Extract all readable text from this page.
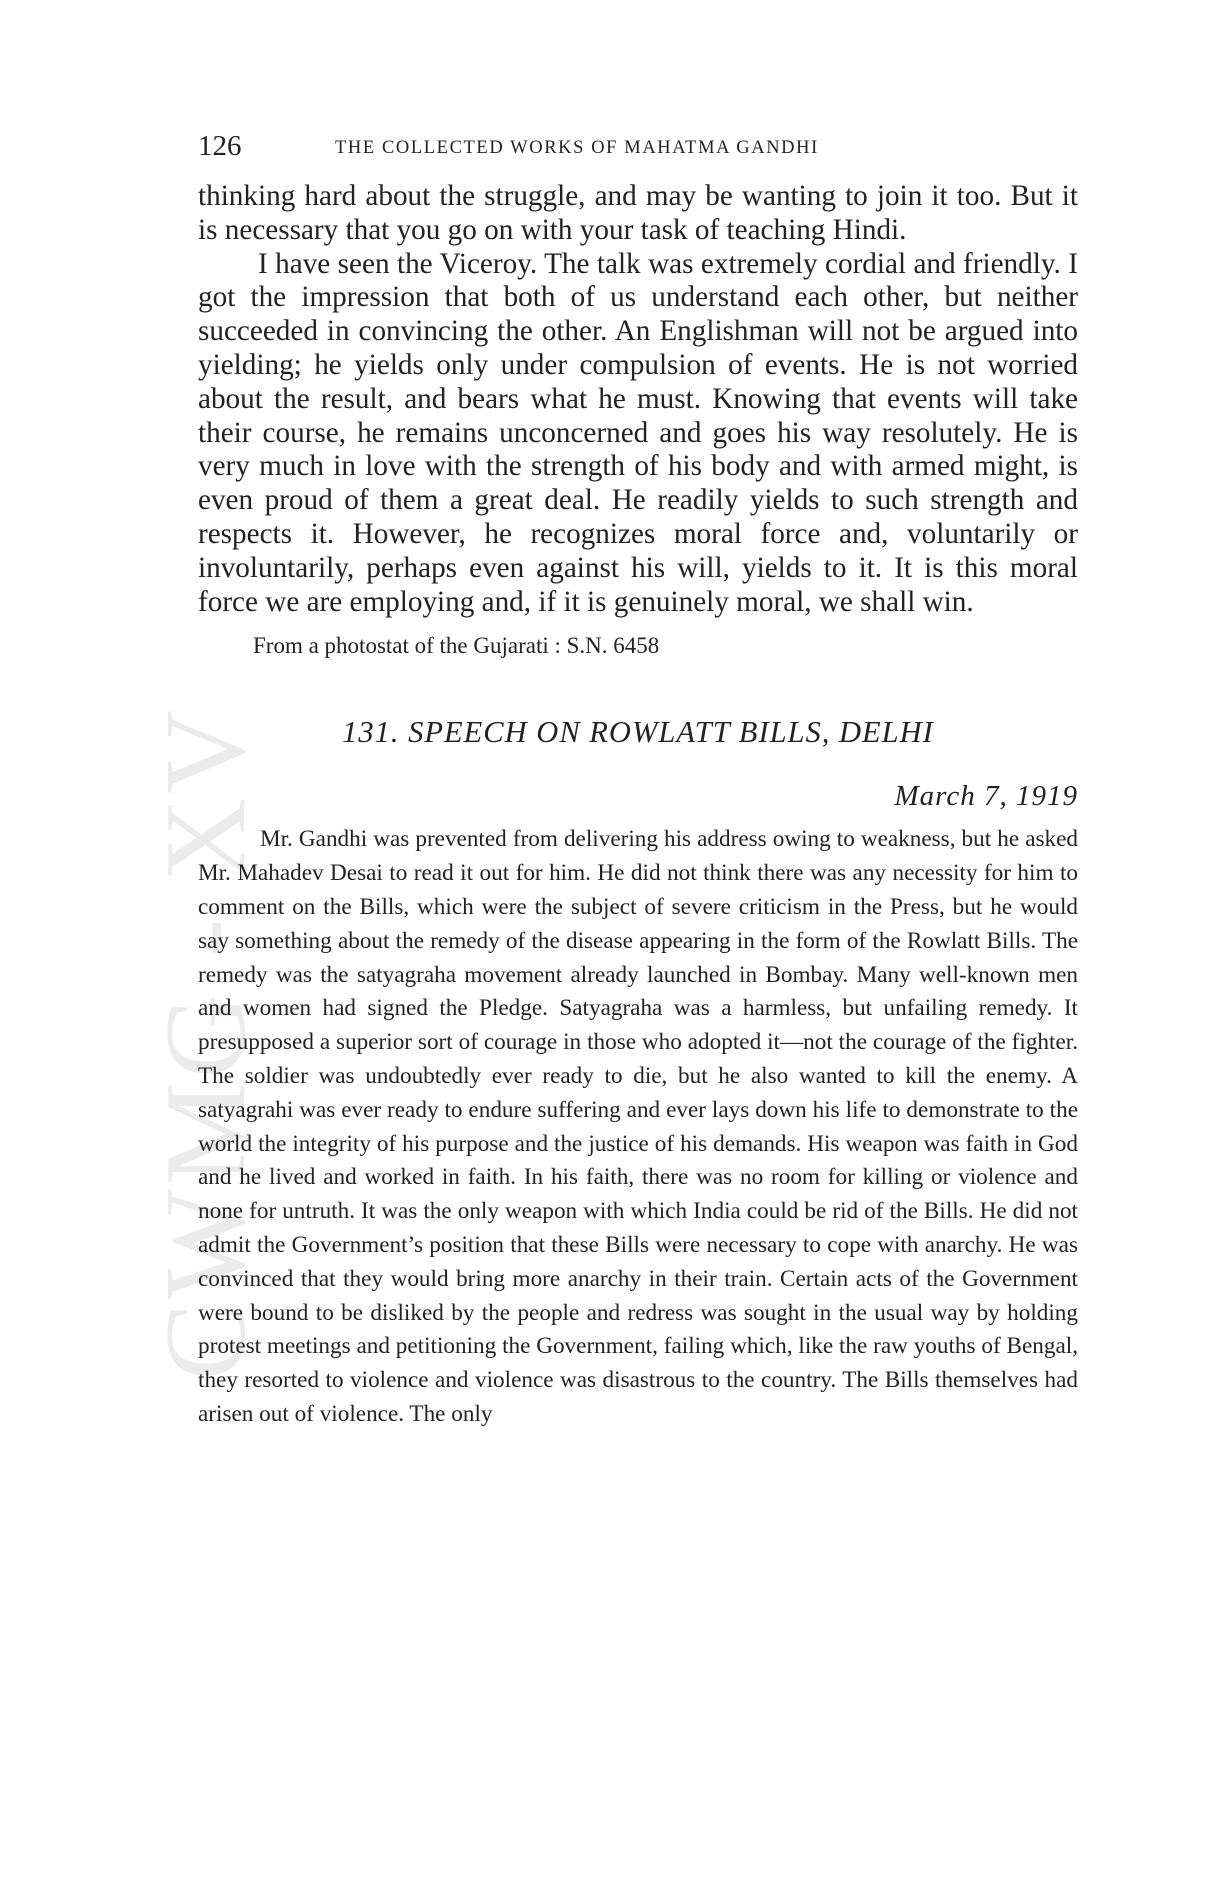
CWMG - XV
126	THE COLLECTED WORKS OF MAHATMA GANDHI

thinking hard about the struggle, and may be wanting to join it too. But it is necessary that you go on with your task of teaching Hindi.

I have seen the Viceroy. The talk was extremely cordial and friendly. I got the impression that both of us understand each other, but neither succeeded in convincing the other. An Englishman will not be argued into yielding; he yields only under compulsion of events. He is not worried about the result, and bears what he must. Knowing that events will take their course, he remains unconcerned and goes his way resolutely. He is very much in love with the strength of his body and with armed might, is even proud of them a great deal. He readily yields to such strength and respects it. However, he recognizes moral force and, voluntarily or involuntarily, perhaps even against his will, yields to it. It is this moral force we are employing and, if it is genuinely moral, we shall win.

From a photostat of the Gujarati : S.N. 6458

131. SPEECH ON ROWLATT BILLS, DELHI
March 7, 1919

Mr. Gandhi was prevented from delivering his address owing to weakness, but he asked Mr. Mahadev Desai to read it out for him. He did not think there was any necessity for him to comment on the Bills, which were the subject of severe criticism in the Press, but he would say something about the remedy of the disease appearing in the form of the Rowlatt Bills. The remedy was the satyagraha movement already launched in Bombay. Many well-known men and women had signed the Pledge. Satyagraha was a harmless, but unfailing remedy. It presupposed a superior sort of courage in those who adopted it—not the courage of the fighter. The soldier was undoubtedly ever ready to die, but he also wanted to kill the enemy. A satyagrahi was ever ready to endure suffering and ever lays down his life to demonstrate to the world the integrity of his purpose and the justice of his demands. His weapon was faith in God and he lived and worked in faith. In his faith, there was no room for killing or violence and none for untruth. It was the only weapon with which India could be rid of the Bills. He did not admit the Government’s position that these Bills were necessary to cope with anarchy. He was convinced that they would bring more anarchy in their train. Certain acts of the Government were bound to be disliked by the people and redress was sought in the usual way by holding protest meetings and petitioning the Government, failing which, like the raw youths of Bengal, they resorted to violence and violence was disastrous to the country. The Bills themselves had arisen out of violence. The only
